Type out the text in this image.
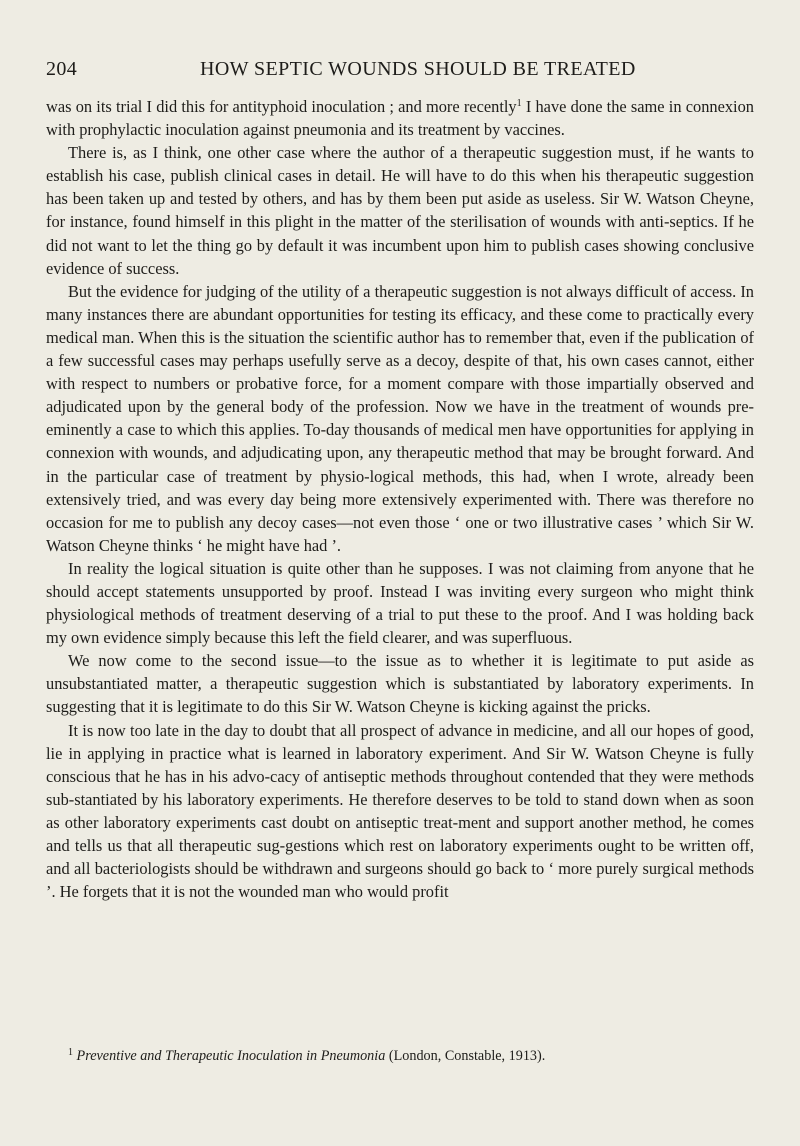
204	HOW SEPTIC WOUNDS SHOULD BE TREATED

was on its trial I did this for antityphoid inoculation ; and more recently$^1$ I have done the same in connexion with prophylactic inoculation against pneumonia and its treatment by vaccines.

There is, as I think, one other case where the author of a therapeutic suggestion must, if he wants to establish his case, publish clinical cases in detail. He will have to do this when his therapeutic suggestion has been taken up and tested by others, and has by them been put aside as useless. Sir W. Watson Cheyne, for instance, found himself in this plight in the matter of the sterilisation of wounds with anti-septics. If he did not want to let the thing go by default it was incumbent upon him to publish cases showing conclusive evidence of success.

But the evidence for judging of the utility of a therapeutic suggestion is not always difficult of access. In many instances there are abundant opportunities for testing its efficacy, and these come to practically every medical man. When this is the situation the scientific author has to remember that, even if the publication of a few successful cases may perhaps usefully serve as a decoy, despite of that, his own cases cannot, either with respect to numbers or probative force, for a moment compare with those impartially observed and adjudicated upon by the general body of the profession. Now we have in the treatment of wounds pre-eminently a case to which this applies. To-day thousands of medical men have opportunities for applying in connexion with wounds, and adjudicating upon, any therapeutic method that may be brought forward. And in the particular case of treatment by physio-logical methods, this had, when I wrote, already been extensively tried, and was every day being more extensively experimented with. There was therefore no occasion for me to publish any decoy cases—not even those ‘ one or two illustrative cases ’ which Sir W. Watson Cheyne thinks ‘ he might have had ’.

In reality the logical situation is quite other than he supposes. I was not claiming from anyone that he should accept statements unsupported by proof. Instead I was inviting every surgeon who might think physiological methods of treatment deserving of a trial to put these to the proof. And I was holding back my own evidence simply because this left the field clearer, and was superfluous.

We now come to the second issue—to the issue as to whether it is legitimate to put aside as unsubstantiated matter, a therapeutic suggestion which is substantiated by laboratory experiments. In suggesting that it is legitimate to do this Sir W. Watson Cheyne is kicking against the pricks.

It is now too late in the day to doubt that all prospect of advance in medicine, and all our hopes of good, lie in applying in practice what is learned in laboratory experiment. And Sir W. Watson Cheyne is fully conscious that he has in his advo-cacy of antiseptic methods throughout contended that they were methods sub-stantiated by his laboratory experiments. He therefore deserves to be told to stand down when as soon as other laboratory experiments cast doubt on antiseptic treat-ment and support another method, he comes and tells us that all therapeutic sug-gestions which rest on laboratory experiments ought to be written off, and all bacteriologists should be withdrawn and surgeons should go back to ‘ more purely surgical methods ’. He forgets that it is not the wounded man who would profit

$^1$ Preventive and Therapeutic Inoculation in Pneumonia (London, Constable, 1913).
